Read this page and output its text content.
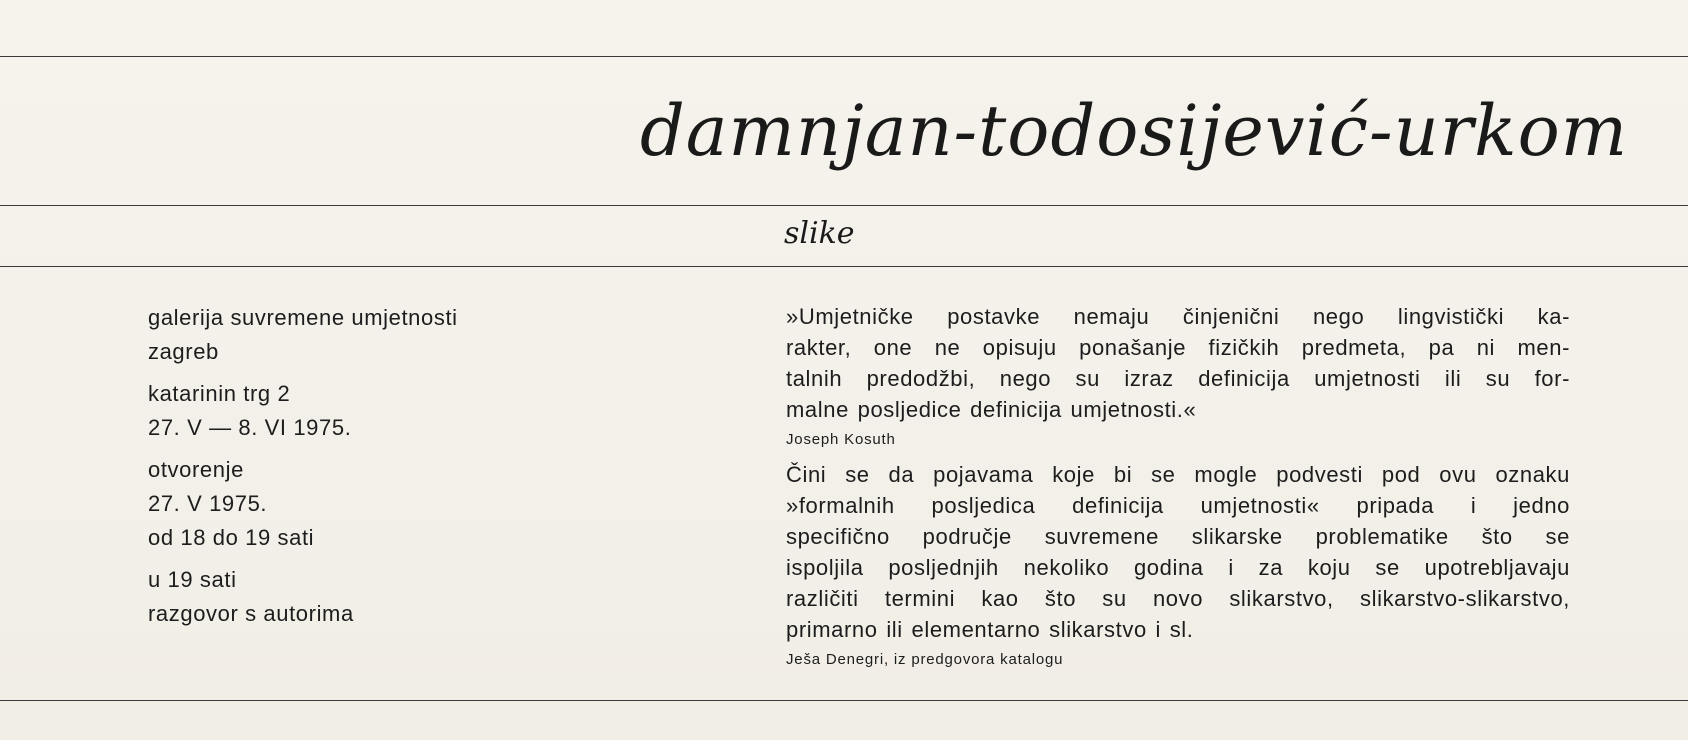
damnjan-todosijević-urkom
slike
galerija suvremene umjetnosti
zagreb
katarinin trg 2
27. V — 8. VI 1975.
otvorenje
27. V 1975.
od 18 do 19 sati
u 19 sati
razgovor s autorima
»Umjetničke postavke nemaju činjenični nego lingvistički ka-
rakter, one ne opisuju ponašanje fizičkih predmeta, pa ni men-
talnih predodžbi, nego su izraz definicija umjetnosti ili su for-
malne posljedice definicija umjetnosti.«
Joseph Kosuth
Čini se da pojavama koje bi se mogle podvesti pod ovu oznaku
»formalnih posljedica definicija umjetnosti« pripada i jedno
specifično područje suvremene slikarske problematike što se
ispoljila posljednjih nekoliko godina i za koju se upotrebljavaju
različiti termini kao što su novo slikarstvo, slikarstvo-slikarstvo,
primarno ili elementarno slikarstvo i sl.
Ješa Denegri, iz predgovora katalogu
